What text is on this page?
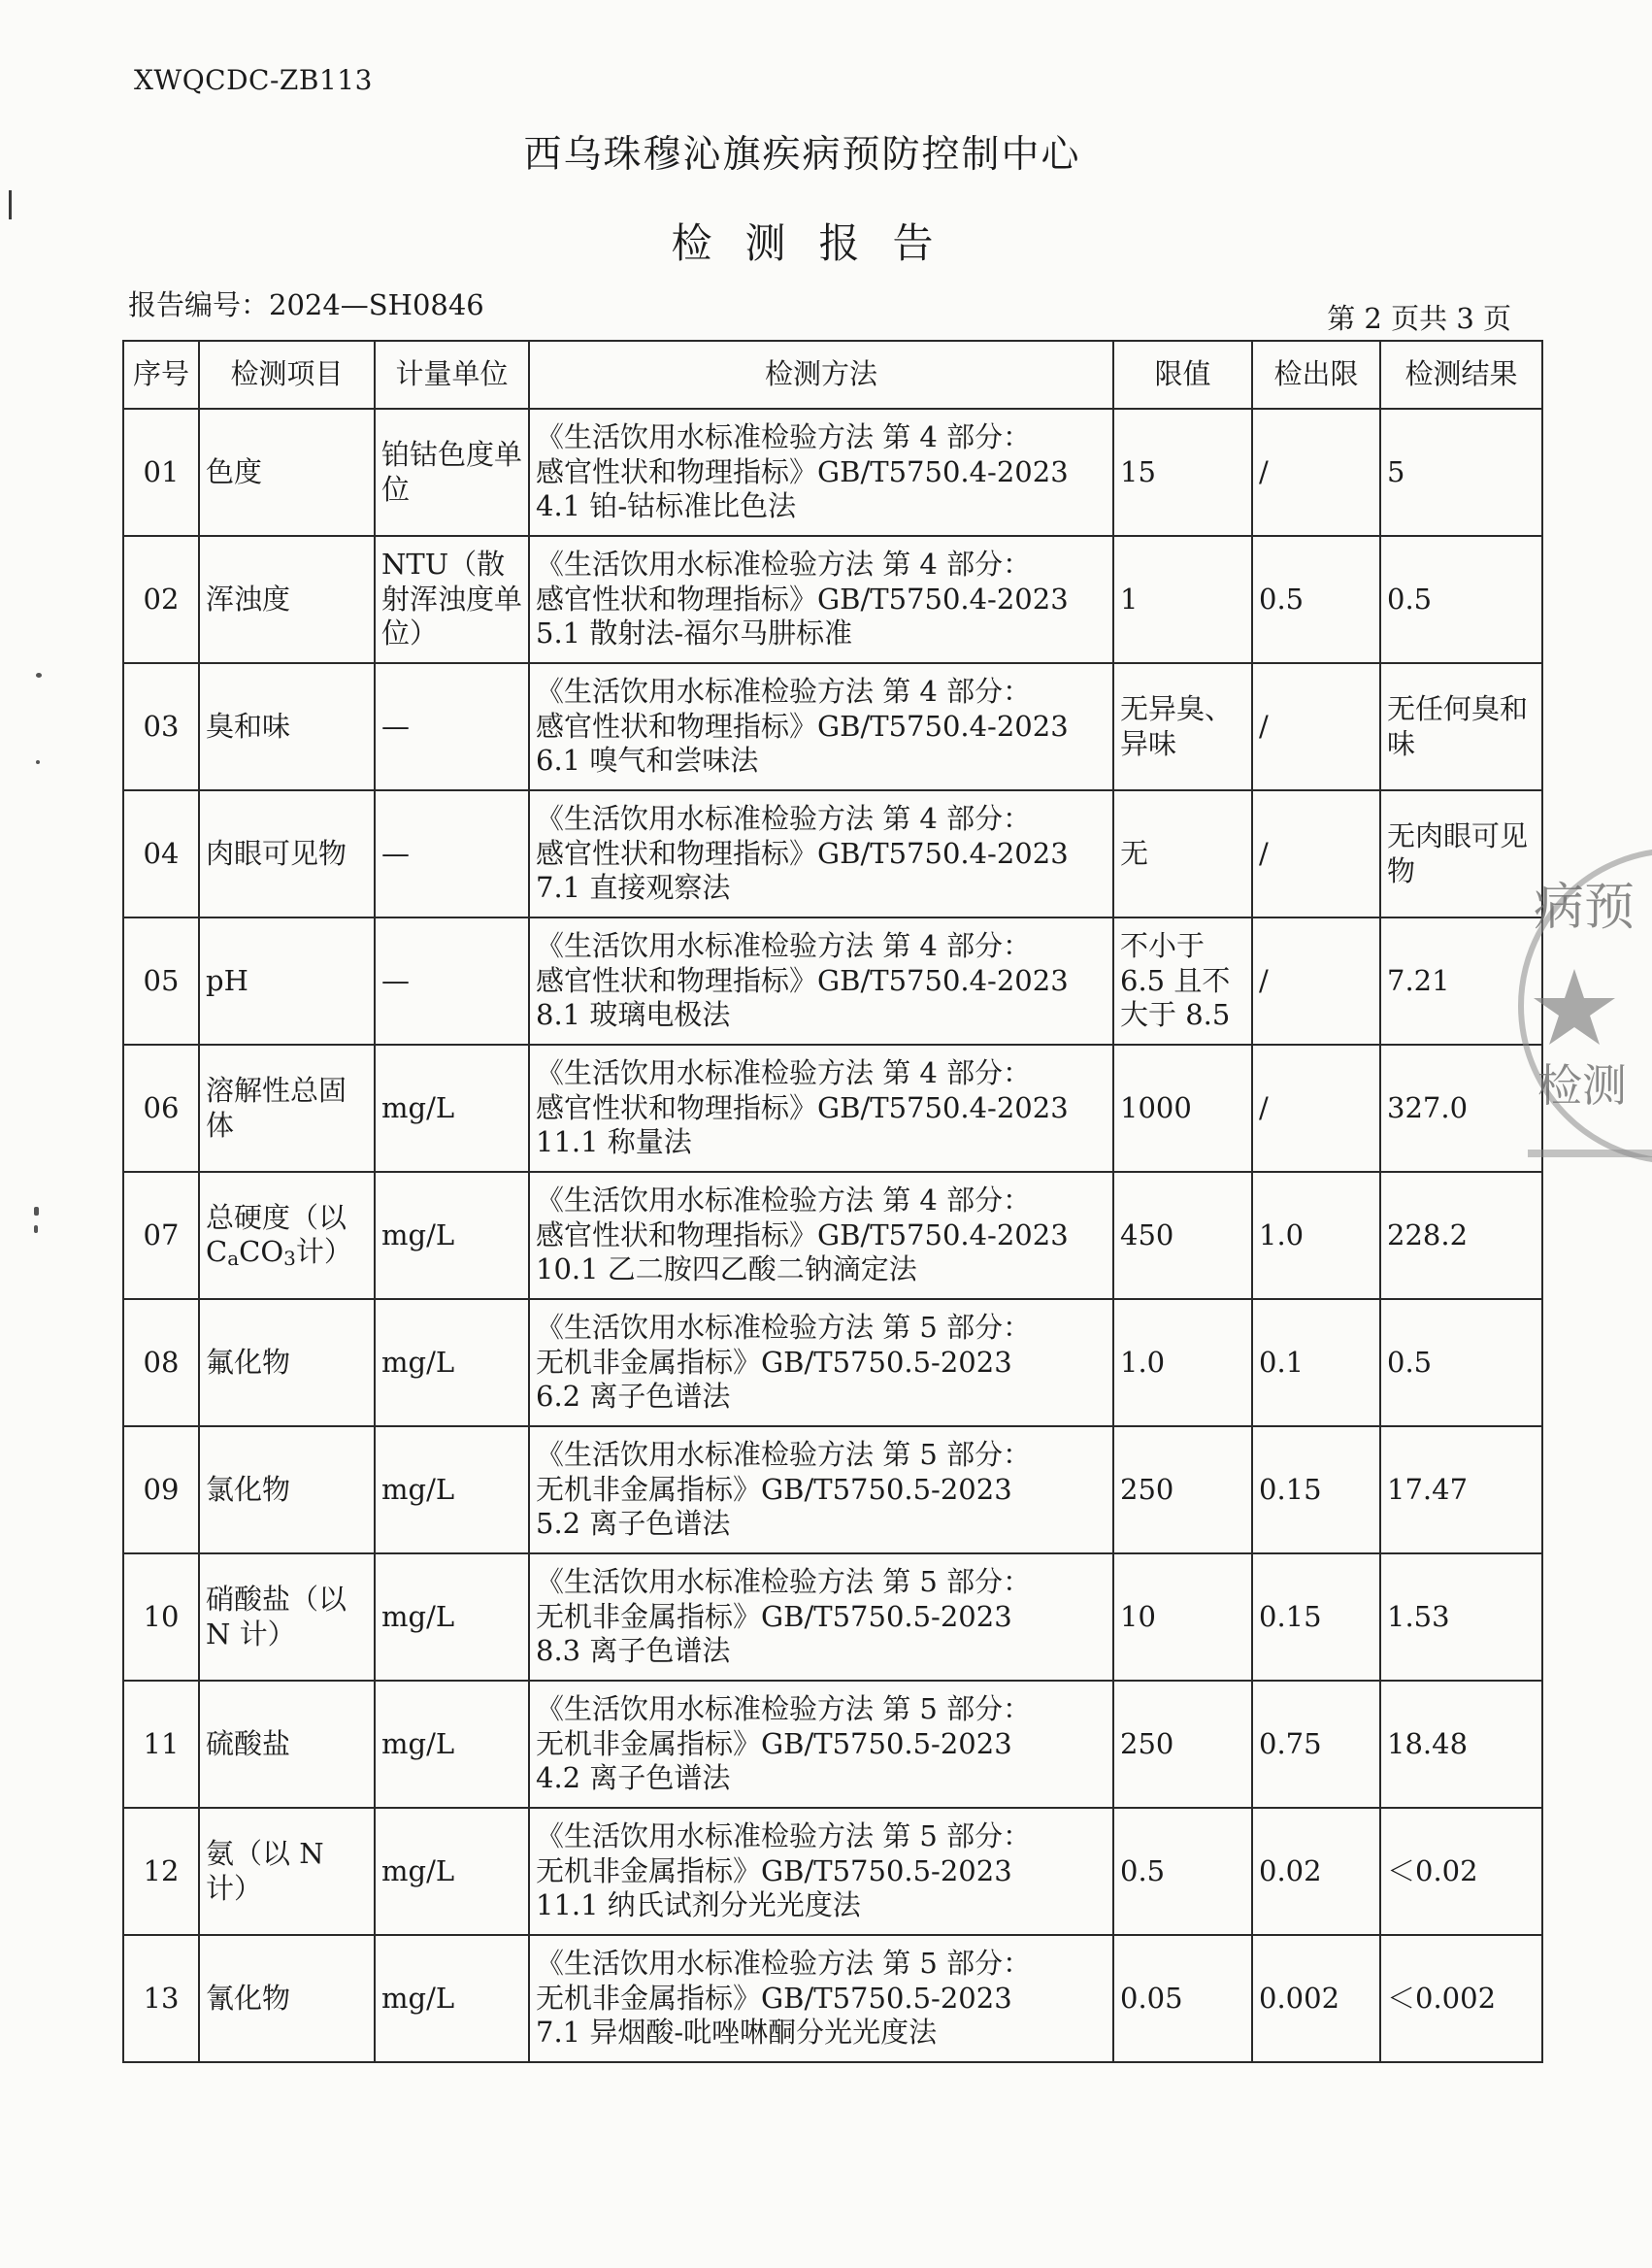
XWQCDC-ZB113
西乌珠穆沁旗疾病预防控制中心
检测报告
报告编号：2024—SH0846	第 2 页共 3 页
序号	检测项目	计量单位	检测方法	限值	检出限	检测结果
01	色度	铂钴色度单位	《生活饮用水标准检验方法 第 4 部分：
感官性状和物理指标》GB/T5750.4-2023
4.1 铂-钴标准比色法	15	/	5
02	浑浊度	NTU（散射浑浊度单位）	《生活饮用水标准检验方法 第 4 部分：
感官性状和物理指标》GB/T5750.4-2023
5.1 散射法-福尔马肼标准	1	0.5	0.5
03	臭和味	—	《生活饮用水标准检验方法 第 4 部分：
感官性状和物理指标》GB/T5750.4-2023
6.1 嗅气和尝味法	无异臭、异味	/	无任何臭和味
04	肉眼可见物	—	《生活饮用水标准检验方法 第 4 部分：
感官性状和物理指标》GB/T5750.4-2023
7.1 直接观察法	无	/	无肉眼可见物
05	pH	—	《生活饮用水标准检验方法 第 4 部分：
感官性状和物理指标》GB/T5750.4-2023
8.1 玻璃电极法	不小于 6.5 且不大于 8.5	/	7.21
06	溶解性总固体	mg/L	《生活饮用水标准检验方法 第 4 部分：
感官性状和物理指标》GB/T5750.4-2023
11.1 称量法	1000	/	327.0
07	总硬度（以 $C_aCO_3$计）	mg/L	《生活饮用水标准检验方法 第 4 部分：
感官性状和物理指标》GB/T5750.4-2023
10.1 乙二胺四乙酸二钠滴定法	450	1.0	228.2
08	氟化物	mg/L	《生活饮用水标准检验方法 第 5 部分：
无机非金属指标》GB/T5750.5-2023
6.2 离子色谱法	1.0	0.1	0.5
09	氯化物	mg/L	《生活饮用水标准检验方法 第 5 部分：
无机非金属指标》GB/T5750.5-2023
5.2 离子色谱法	250	0.15	17.47
10	硝酸盐（以 N 计）	mg/L	《生活饮用水标准检验方法 第 5 部分：
无机非金属指标》GB/T5750.5-2023
8.3 离子色谱法	10	0.15	1.53
11	硫酸盐	mg/L	《生活饮用水标准检验方法 第 5 部分：
无机非金属指标》GB/T5750.5-2023
4.2 离子色谱法	250	0.75	18.48
12	氨（以 N 计）	mg/L	《生活饮用水标准检验方法 第 5 部分：
无机非金属指标》GB/T5750.5-2023
11.1 纳氏试剂分光光度法	0.5	0.02	＜0.02
13	氰化物	mg/L	《生活饮用水标准检验方法 第 5 部分：
无机非金属指标》GB/T5750.5-2023
7.1 异烟酸-吡唑啉酮分光光度法	0.05	0.002	＜0.002
病预
检测
